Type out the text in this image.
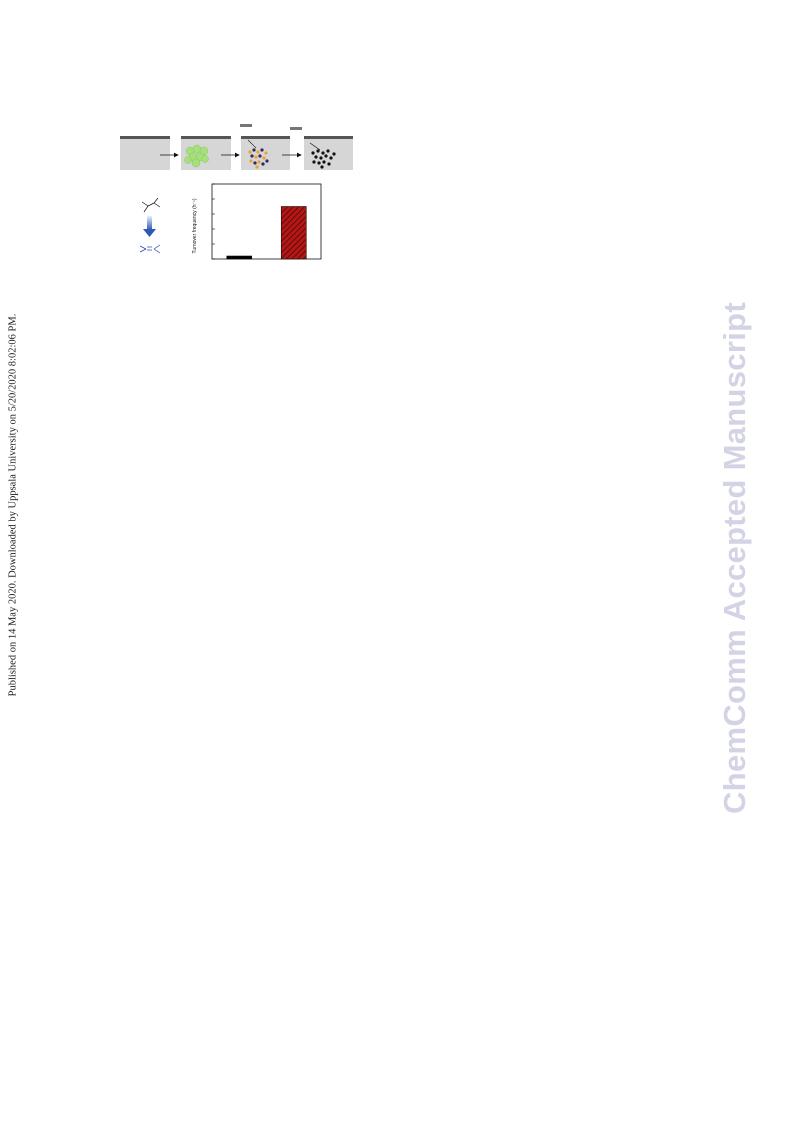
Published on 14 May 2020. Downloaded by Uppsala University on 5/20/2020 8:02:06 PM.	ChemComm Accepted Manuscript
Turnover frequency (h⁻¹)
